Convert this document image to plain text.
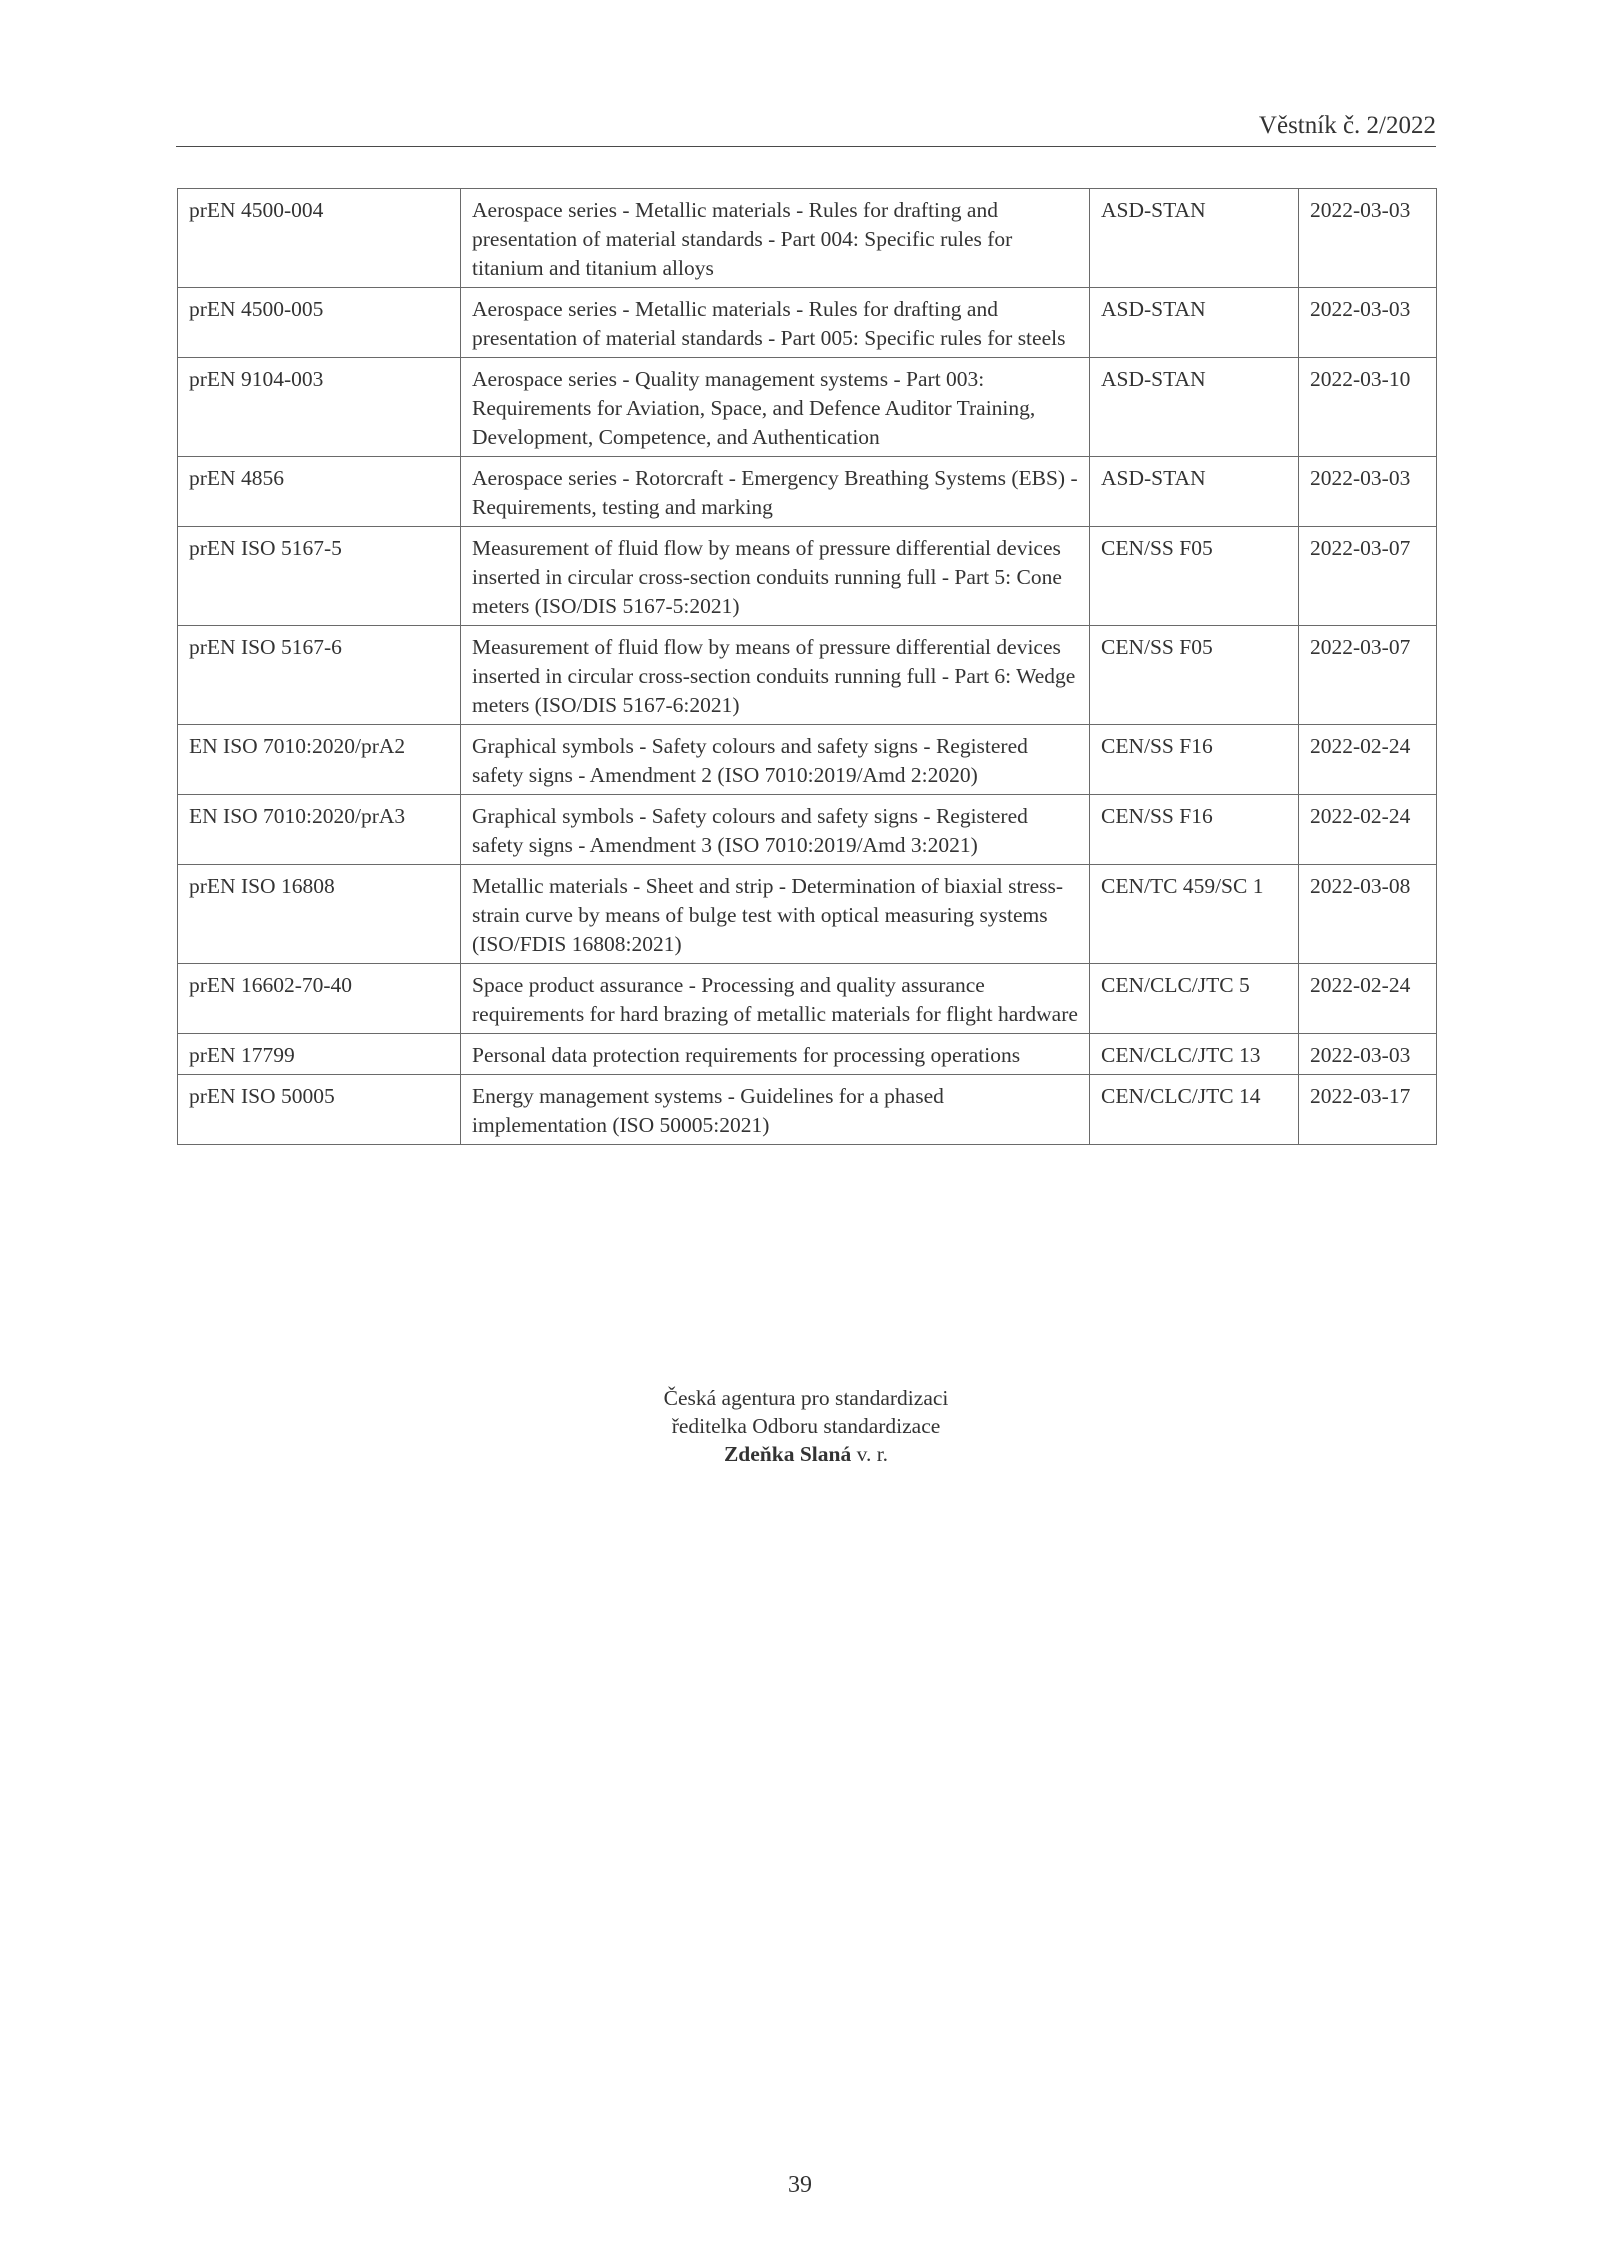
Věstník č. 2/2022
prEN 4500-004	Aerospace series - Metallic materials - Rules for drafting and presentation of material standards - Part 004: Specific rules for titanium and titanium alloys	ASD-STAN	2022-03-03
prEN 4500-005	Aerospace series - Metallic materials - Rules for drafting and presentation of material standards - Part 005: Specific rules for steels	ASD-STAN	2022-03-03
prEN 9104-003	Aerospace series - Quality management systems - Part 003: Requirements for Aviation, Space, and Defence Auditor Training, Development, Competence, and Authentication	ASD-STAN	2022-03-10
prEN 4856	Aerospace series - Rotorcraft - Emergency Breathing Systems (EBS) - Requirements, testing and marking	ASD-STAN	2022-03-03
prEN ISO 5167-5	Measurement of fluid flow by means of pressure differential devices inserted in circular cross-section conduits running full - Part 5: Cone meters (ISO/DIS 5167-5:2021)	CEN/SS F05	2022-03-07
prEN ISO 5167-6	Measurement of fluid flow by means of pressure differential devices inserted in circular cross-section conduits running full - Part 6: Wedge meters (ISO/DIS 5167-6:2021)	CEN/SS F05	2022-03-07
EN ISO 7010:2020/prA2	Graphical symbols - Safety colours and safety signs - Registered safety signs - Amendment 2 (ISO 7010:2019/Amd 2:2020)	CEN/SS F16	2022-02-24
EN ISO 7010:2020/prA3	Graphical symbols - Safety colours and safety signs - Registered safety signs - Amendment 3 (ISO 7010:2019/Amd 3:2021)	CEN/SS F16	2022-02-24
prEN ISO 16808	Metallic materials - Sheet and strip - Determination of biaxial stress-strain curve by means of bulge test with optical measuring systems (ISO/FDIS 16808:2021)	CEN/TC 459/SC 1	2022-03-08
prEN 16602-70-40	Space product assurance - Processing and quality assurance requirements for hard brazing of metallic materials for flight hardware	CEN/CLC/JTC 5	2022-02-24
prEN 17799	Personal data protection requirements for processing operations	CEN/CLC/JTC 13	2022-03-03
prEN ISO 50005	Energy management systems - Guidelines for a phased implementation (ISO 50005:2021)	CEN/CLC/JTC 14	2022-03-17
Česká agentura pro standardizaci
ředitelka Odboru standardizace
Zdeňka Slaná v. r.
39
